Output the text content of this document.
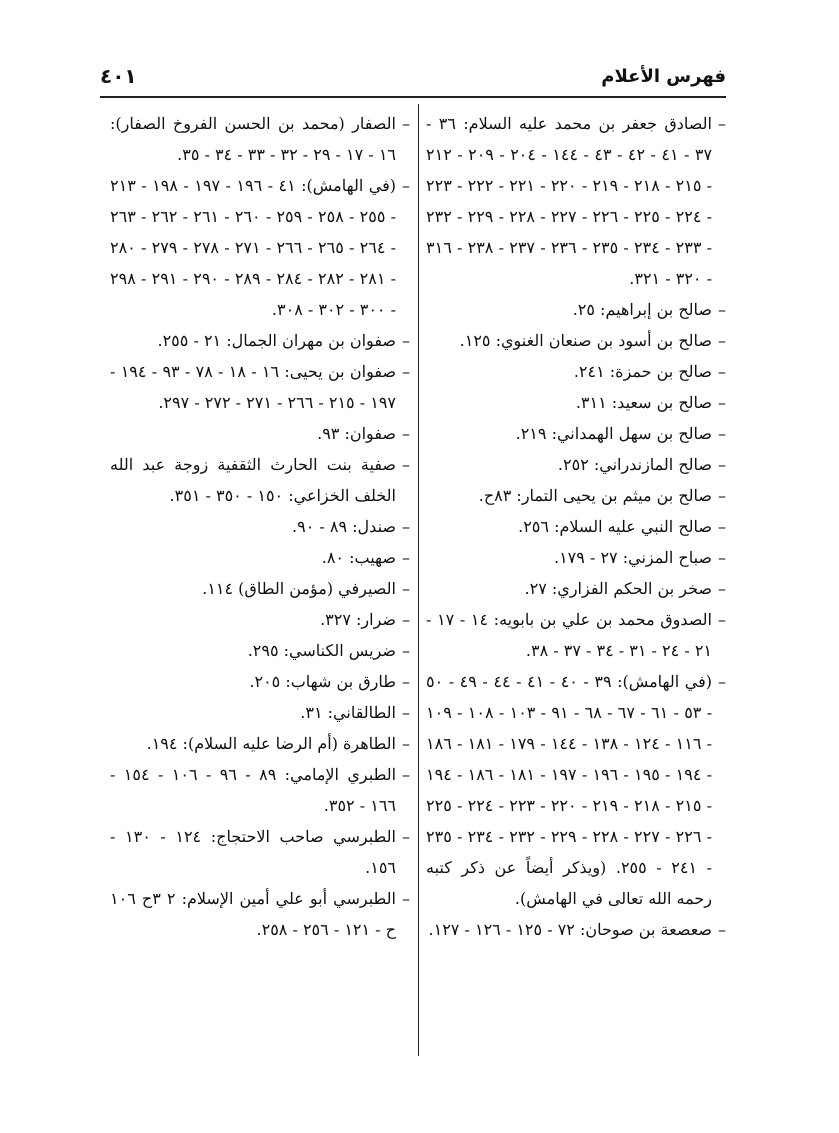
فهرس الأعلام
٤٠١

– الصادق جعفر بن محمد عليه السلام: ٣٦ - ٣٧ - ٤١ - ٤٢ - ٤٣ - ١٤٤ - ٢٠٤ - ٢٠٩ - ٢١٢ - ٢١٥ - ٢١٨ - ٢١٩ - ٢٢٠ - ٢٢١ - ٢٢٢ - ٢٢٣ - ٢٢٤ - ٢٢٥ - ٢٢٦ - ٢٢٧ - ٢٢٨ - ٢٢٩ - ٢٣٢ - ٢٣٣ - ٢٣٤ - ٢٣٥ - ٢٣٦ - ٢٣٧ - ٢٣٨ - ٣١٦ - ٣٢٠ - ٣٢١.

– صالح بن إبراهيم: ٢٥.

– صالح بن أسود بن صنعان الغنوي: ١٢٥.

– صالح بن حمزة: ٢٤١.

– صالح بن سعيد: ٣١١.

– صالح بن سهل الهمداني: ٢١٩.

– صالح المازندراني: ٢٥٢.

– صالح بن ميثم بن يحيى التمار: ٨٣ح.

– صالح النبي عليه السلام: ٢٥٦.

– صباح المزني: ٢٧ - ١٧٩.

– صخر بن الحكم الفزاري: ٢٧.

– الصدوق محمد بن علي بن بابويه: ١٤ - ١٧ - ٢١ - ٢٤ - ٣١ - ٣٤ - ٣٧ - ٣٨.

– (في الهامش): ٣٩ - ٤٠ - ٤١ - ٤٤ - ٤٩ - ٥٠ - ٥٣ - ٦١ - ٦٧ - ٦٨ - ٩١ - ١٠٣ - ١٠٨ - ١٠٩ - ١١٦ - ١٢٤ - ١٣٨ - ١٤٤ - ١٧٩ - ١٨١ - ١٨٦ - ١٩٤ - ١٩٥ - ١٩٦ - ١٩٧ - ١٨١ - ١٨٦ - ١٩٤ - ٢١٥ - ٢١٨ - ٢١٩ - ٢٢٠ - ٢٢٣ - ٢٢٤ - ٢٢٥ - ٢٢٦ - ٢٢٧ - ٢٢٨ - ٢٢٩ - ٢٣٢ - ٢٣٤ - ٢٣٥ - ٢٤١ - ٢٥٥. (ويذكر أيضاً عن ذكر كتبه رحمه الله تعالى في الهامش).

– صعصعة بن صوحان: ٧٢ - ١٢٥ - ١٢٦ - ١٢٧.

– الصفار (محمد بن الحسن الفروخ الصفار): ١٦ - ١٧ - ٢٩ - ٣٢ - ٣٣ - ٣٤ - ٣٥.

– (في الهامش): ٤١ - ١٩٦ - ١٩٧ - ١٩٨ - ٢١٣ - ٢٥٥ - ٢٥٨ - ٢٥٩ - ٢٦٠ - ٢٦١ - ٢٦٢ - ٢٦٣ - ٢٦٤ - ٢٦٥ - ٢٦٦ - ٢٧١ - ٢٧٨ - ٢٧٩ - ٢٨٠ - ٢٨١ - ٢٨٢ - ٢٨٤ - ٢٨٩ - ٢٩٠ - ٢٩١ - ٢٩٨ - ٣٠٠ - ٣٠٢ - ٣٠٨.

– صفوان بن مهران الجمال: ٢١ - ٢٥٥.

– صفوان بن يحيى: ١٦ - ١٨ - ٧٨ - ٩٣ - ١٩٤ - ١٩٧ - ٢١٥ - ٢٦٦ - ٢٧١ - ٢٧٢ - ٢٩٧.

– صفوان: ٩٣.

– صفية بنت الحارث الثقفية زوجة عبد الله الخلف الخزاعي: ١٥٠ - ٣٥٠ - ٣٥١.

– صندل: ٨٩ - ٩٠.

– صهيب: ٨٠.

– الصيرفي (مؤمن الطاق) ١١٤.

– ضرار: ٣٢٧.

– ضريس الكناسي: ٢٩٥.

– طارق بن شهاب: ٢٠٥.

– الطالقاني: ٣١.

– الطاهرة (أم الرضا عليه السلام): ١٩٤.

– الطبري الإمامي: ٨٩ - ٩٦ - ١٠٦ - ١٥٤ - ١٦٦ - ٣٥٢.

– الطبرسي صاحب الاحتجاج: ١٢٤ - ١٣٠ - ١٥٦.

– الطبرسي أبو علي أمين الإسلام: ٢ ٣ح ١٠٦ ح - ١٢١ - ٢٥٦ - ٢٥٨.
